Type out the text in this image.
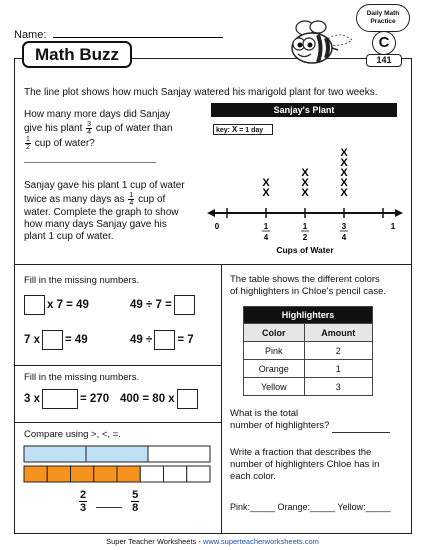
Name:
Daily Math
Practice
C
141
Math Buzz
The line plot shows how much Sanjay watered his marigold plant for two weeks.
How many more days did Sanjay
give his plant $\frac{3}{4}$ cup of water than
$\frac{1}{2}$ cup of water?
Sanjay gave his plant 1 cup of water
twice as many days as $\frac{1}{4}$ cup of
water. Complete the graph to show
how many days Sanjay gave his
plant 1 cup of water.
Sanjay's Plant
key: X = 1 day
0	1
4
1
2
3
4
1
X
X
X
X
X
X
X
X
X
X
Cups of Water
Fill in the missing numbers.
x 7 = 49	49 ÷ 7 =
7 x = 49	49 ÷ = 7
Fill in the missing numbers.
3 x	= 270 400 = 80 x
Compare using >, <, =.
$\frac{2}{3}$
	$\frac{5}{8}$
The table shows the different colors
of highlighters in Chloe's pencil case.
Highlighters	
Color	Amount
Pink	2
Orange	1
Yellow	3
What is the total
number of highlighters?
Write a fraction that describes the
number of highlighters Chloe has in
each color.
Pink:_____ Orange:_____ Yellow:_____
Super Teacher Worksheets - www.superteacherworksheets.com
